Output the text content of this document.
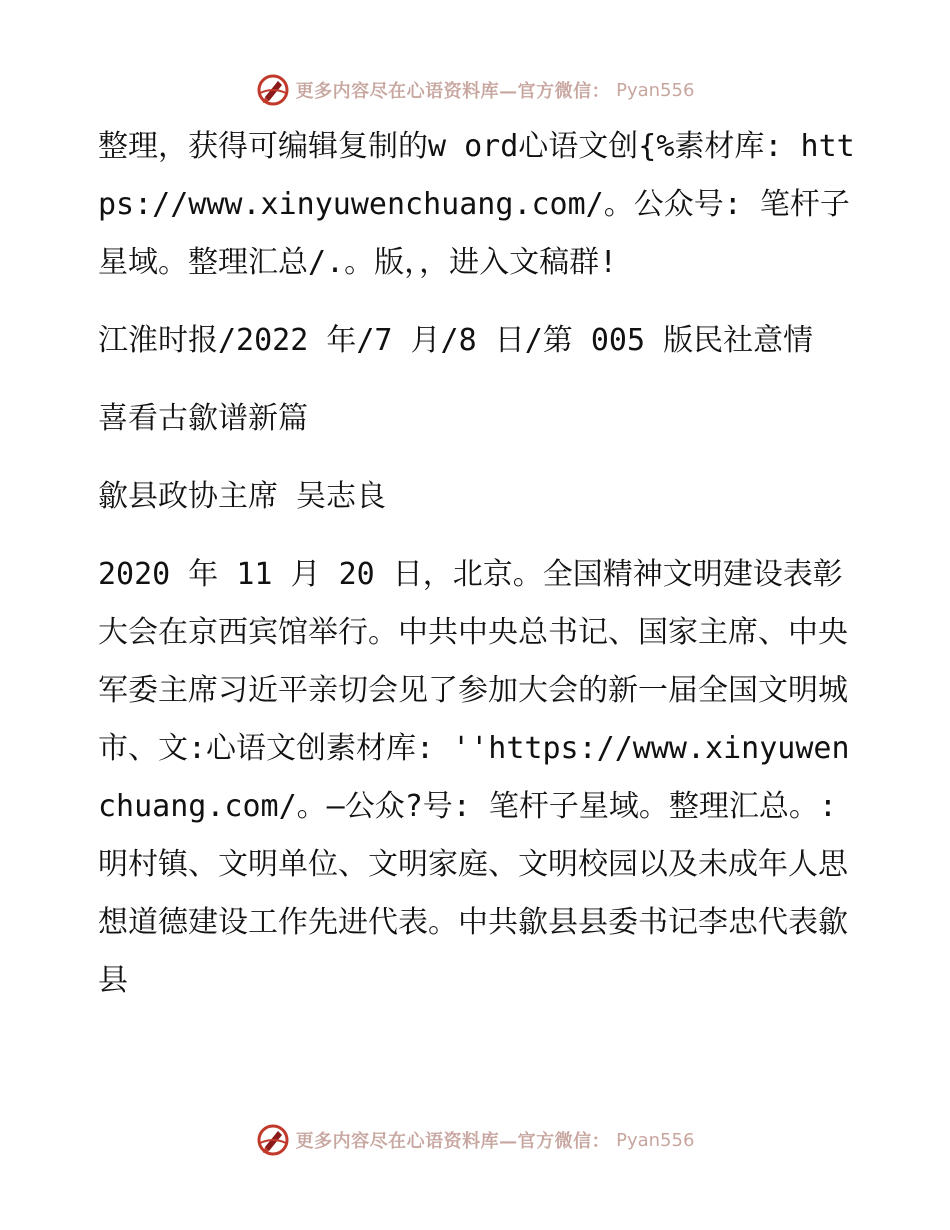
更多内容尽在心语资料库—官方微信： Pyan556

整理，获得可编辑复制的w ord心语文创{%素材库: https://www.xinyuwenchuang.com/。公众号: 笔杆子星域。整理汇总/.。版，，进入文稿群!

江淮时报/2022 年/7 月/8 日/第 005 版民社意情

喜看古歙谱新篇

歙县政协主席 吴志良

2020 年 11 月 20 日，北京。全国精神文明建设表彰大会在京西宾馆举行。中共中央总书记、国家主席、中央军委主席习近平亲切会见了参加大会的新一届全国文明城市、文:心语文创素材库: ''https://www.xinyuwenchuang.com/。—公众?号: 笔杆子星域。整理汇总。:明村镇、文明单位、文明家庭、文明校园以及未成年人思想道德建设工作先进代表。中共歙县县委书记李忠代表歙县

更多内容尽在心语资料库—官方微信： Pyan556
